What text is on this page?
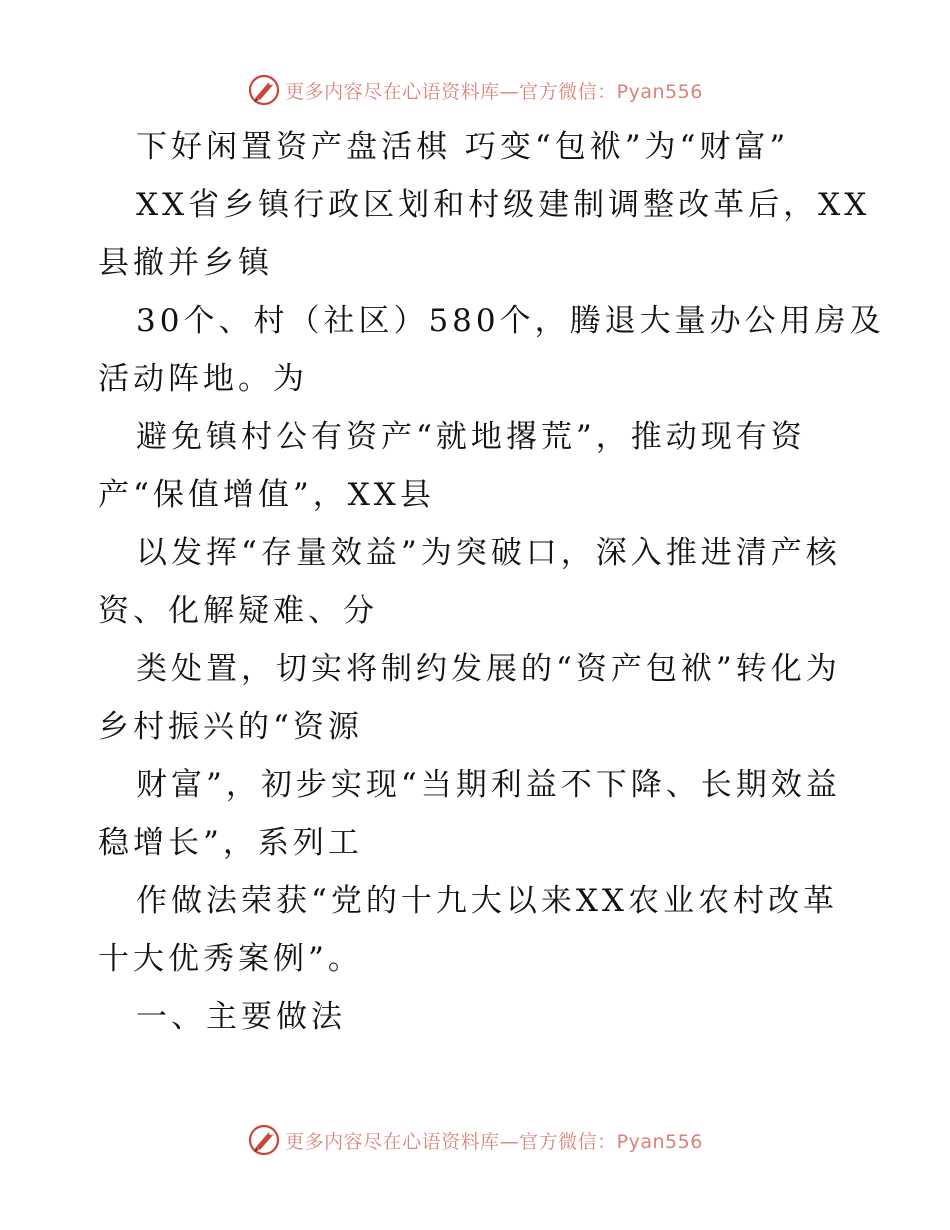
更多内容尽在心语资料库—官方微信：Pyan556
下好闲置资产盘活棋 巧变“包袱”为“财富”
XX省乡镇行政区划和村级建制调整改革后，XX
县撤并乡镇
30个、村（社区）580个，腾退大量办公用房及
活动阵地。为
避免镇村公有资产“就地撂荒”，推动现有资
产“保值增值”，XX县
以发挥“存量效益”为突破口，深入推进清产核
资、化解疑难、分
类处置，切实将制约发展的“资产包袱”转化为
乡村振兴的“资源
财富”，初步实现“当期利益不下降、长期效益
稳增长”，系列工
作做法荣获“党的十九大以来XX农业农村改革
十大优秀案例”。
一、主要做法
更多内容尽在心语资料库—官方微信：Pyan556
